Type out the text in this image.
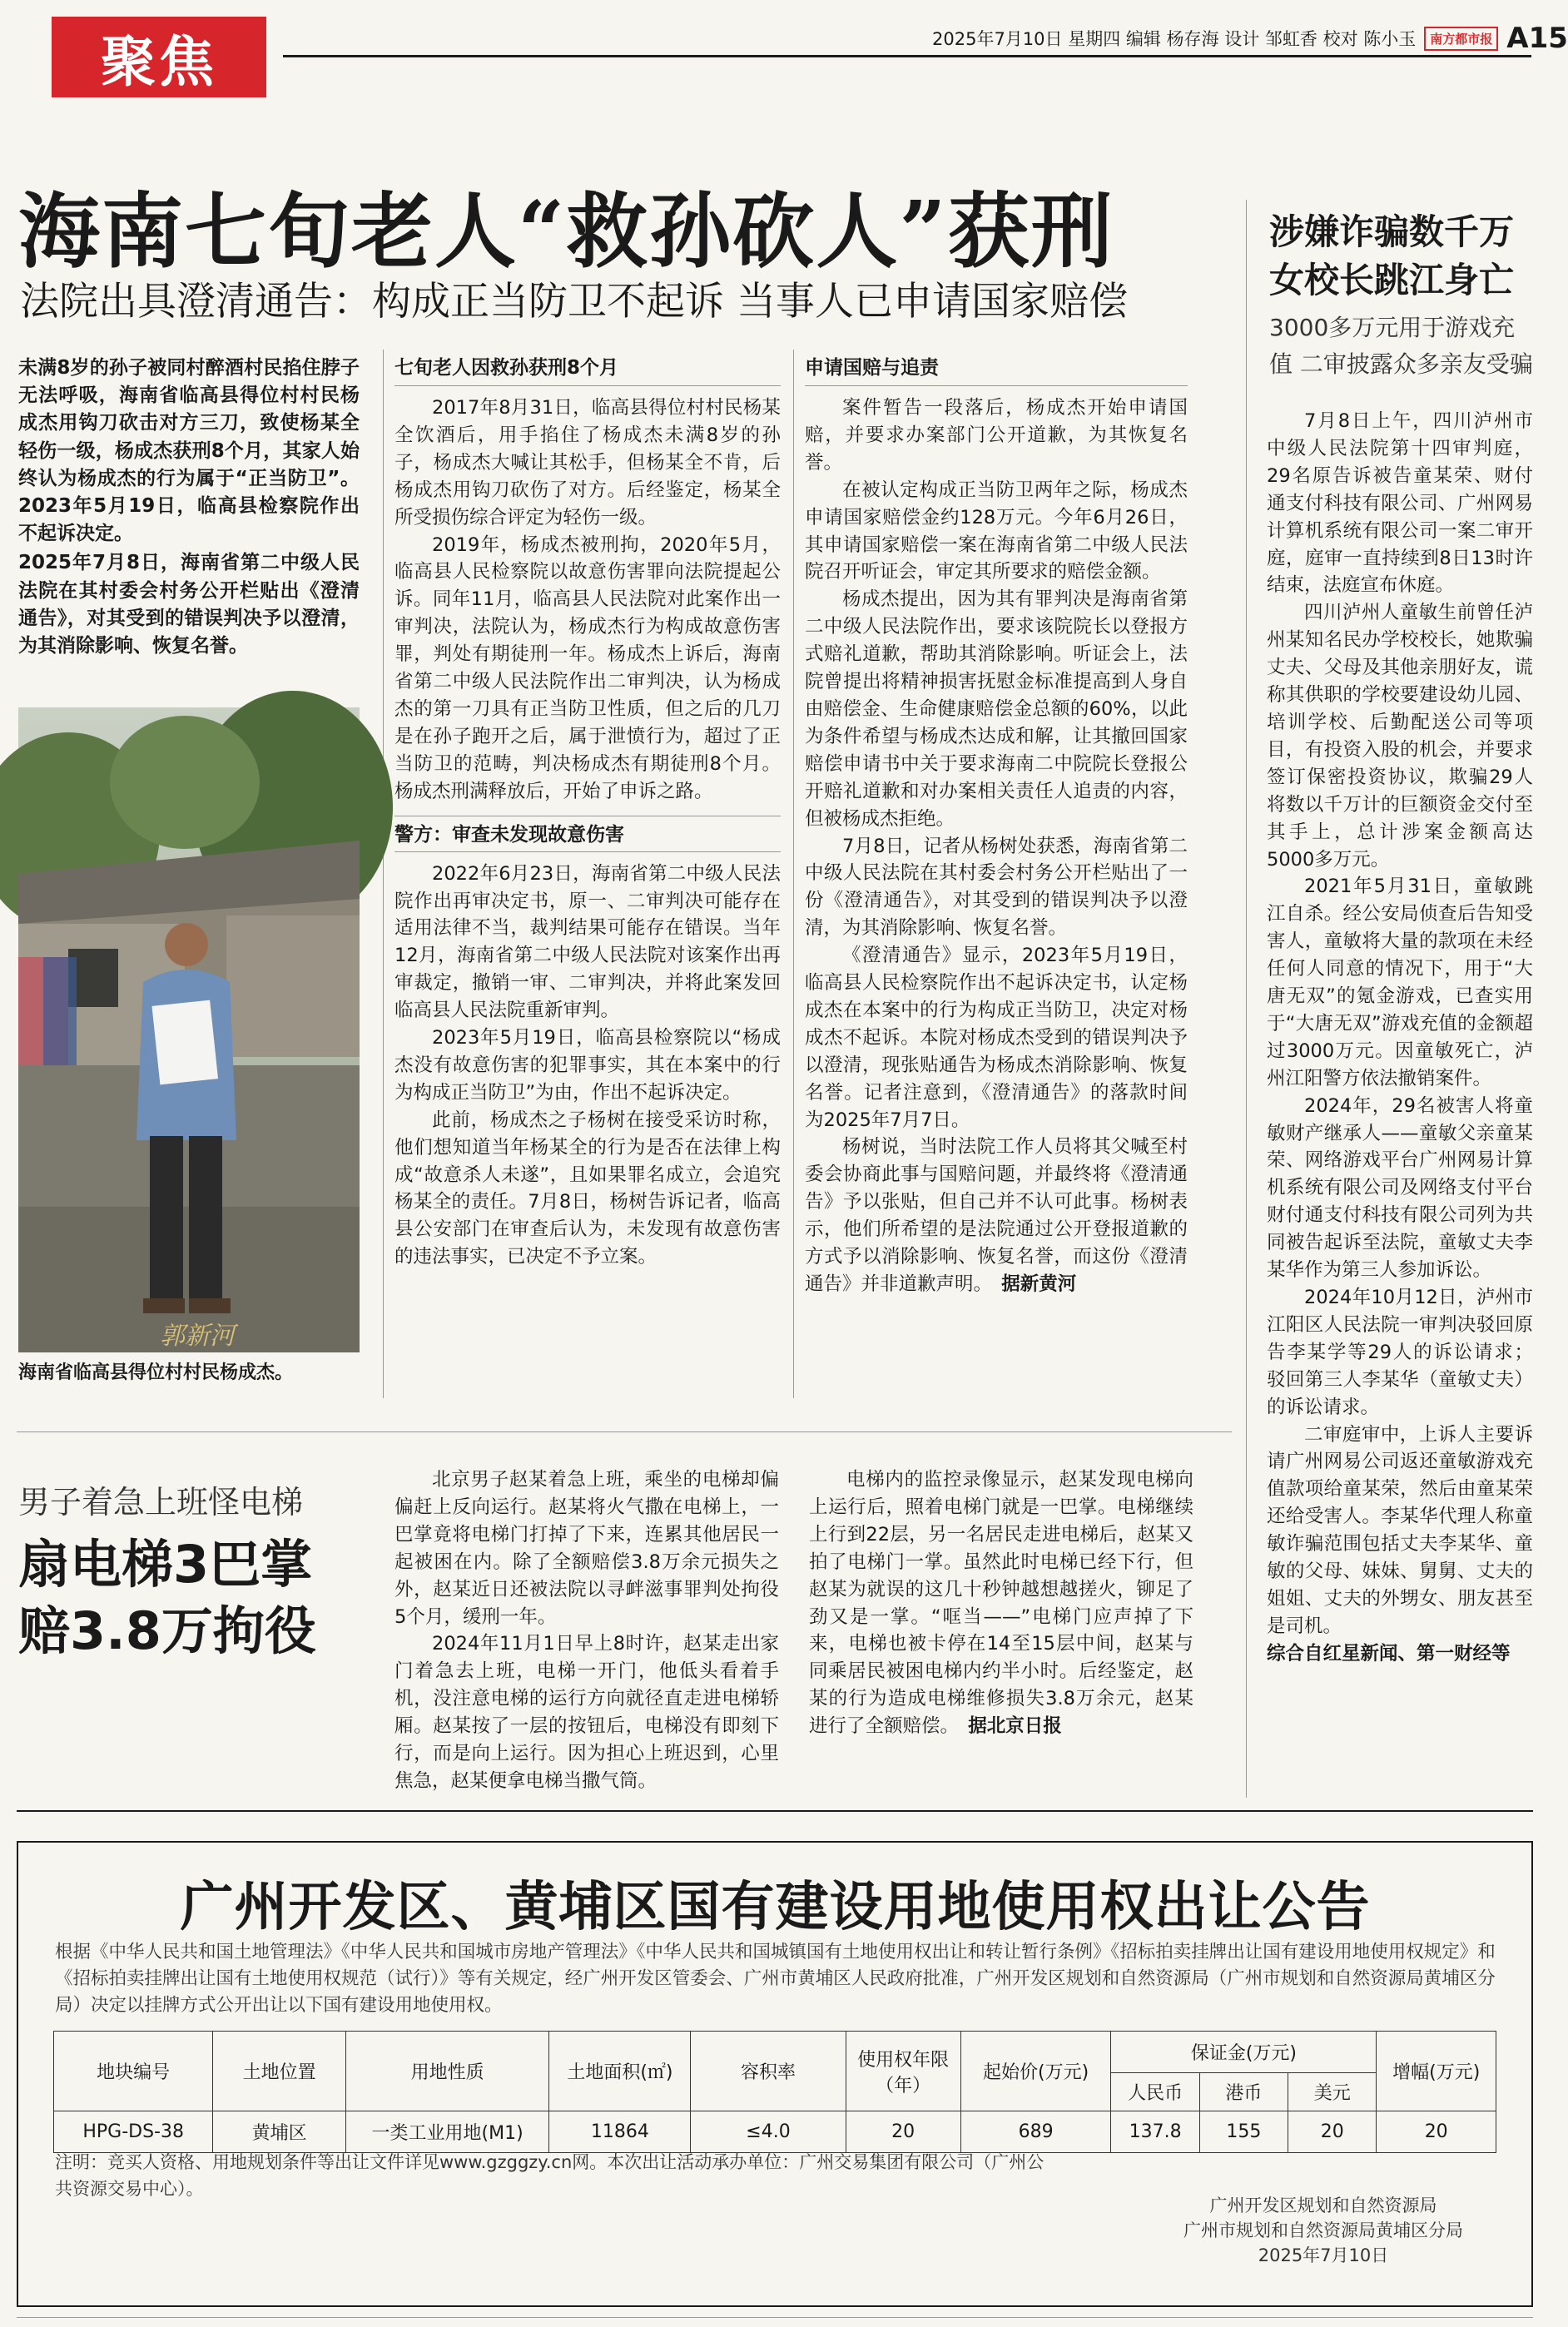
聚焦	2025年7月10日 星期四 编辑 杨存海 设计 邹虹香 校对 陈小玉	南方都市报 A15
海南七旬老人“救孙砍人”获刑
法院出具澄清通告：构成正当防卫不起诉 当事人已申请国家赔偿
涉嫌诈骗数千万 女校长跳江身亡
3000多万元用于游戏充值 二审披露众多亲友受骗

未满8岁的孙子被同村醉酒村民掐住脖子无法呼吸，海南省临高县得位村村民杨成杰用钩刀砍击对方三刀，致使杨某全轻伤一级，杨成杰获刑8个月，其家人始终认为杨成杰的行为属于“正当防卫”。2023年5月19日，临高县检察院作出不起诉决定。

2025年7月8日，海南省第二中级人民法院在其村委会村务公开栏贴出《澄清通告》，对其受到的错误判决予以澄清，为其消除影响、恢复名誉。

郭新河
海南省临高县得位村村民杨成杰。
七旬老人因救孙获刑8个月

2017年8月31日，临高县得位村村民杨某全饮酒后，用手掐住了杨成杰未满8岁的孙子，杨成杰大喊让其松手，但杨某全不肯，后杨成杰用钩刀砍伤了对方。后经鉴定，杨某全所受损伤综合评定为轻伤一级。

2019年，杨成杰被刑拘，2020年5月，临高县人民检察院以故意伤害罪向法院提起公诉。同年11月，临高县人民法院对此案作出一审判决，法院认为，杨成杰行为构成故意伤害罪，判处有期徒刑一年。杨成杰上诉后，海南省第二中级人民法院作出二审判决，认为杨成杰的第一刀具有正当防卫性质，但之后的几刀是在孙子跑开之后，属于泄愤行为，超过了正当防卫的范畴，判决杨成杰有期徒刑8个月。杨成杰刑满释放后，开始了申诉之路。

警方：审查未发现故意伤害

2022年6月23日，海南省第二中级人民法院作出再审决定书，原一、二审判决可能存在适用法律不当，裁判结果可能存在错误。当年12月，海南省第二中级人民法院对该案作出再审裁定，撤销一审、二审判决，并将此案发回临高县人民法院重新审判。

2023年5月19日，临高县检察院以“杨成杰没有故意伤害的犯罪事实，其在本案中的行为构成正当防卫”为由，作出不起诉决定。

此前，杨成杰之子杨树在接受采访时称，他们想知道当年杨某全的行为是否在法律上构成“故意杀人未遂”，且如果罪名成立，会追究杨某全的责任。7月8日，杨树告诉记者，临高县公安部门在审查后认为，未发现有故意伤害的违法事实，已决定不予立案。

申请国赔与追责

案件暂告一段落后，杨成杰开始申请国赔，并要求办案部门公开道歉，为其恢复名誉。

在被认定构成正当防卫两年之际，杨成杰申请国家赔偿金约128万元。今年6月26日，其申请国家赔偿一案在海南省第二中级人民法院召开听证会，审定其所要求的赔偿金额。

杨成杰提出，因为其有罪判决是海南省第二中级人民法院作出，要求该院院长以登报方式赔礼道歉，帮助其消除影响。听证会上，法院曾提出将精神损害抚慰金标准提高到人身自由赔偿金、生命健康赔偿金总额的60%，以此为条件希望与杨成杰达成和解，让其撤回国家赔偿申请书中关于要求海南二中院院长登报公开赔礼道歉和对办案相关责任人追责的内容，但被杨成杰拒绝。

7月8日，记者从杨树处获悉，海南省第二中级人民法院在其村委会村务公开栏贴出了一份《澄清通告》，对其受到的错误判决予以澄清，为其消除影响、恢复名誉。

《澄清通告》显示，2023年5月19日，临高县人民检察院作出不起诉决定书，认定杨成杰在本案中的行为构成正当防卫，决定对杨成杰不起诉。本院对杨成杰受到的错误判决予以澄清，现张贴通告为杨成杰消除影响、恢复名誉。记者注意到，《澄清通告》的落款时间为2025年7月7日。

杨树说，当时法院工作人员将其父喊至村委会协商此事与国赔问题，并最终将《澄清通告》予以张贴，但自己并不认可此事。杨树表示，他们所希望的是法院通过公开登报道歉的方式予以消除影响、恢复名誉，而这份《澄清通告》并非道歉声明。　 据新黄河

7月8日上午，四川泸州市中级人民法院第十四审判庭，29名原告诉被告童某荣、财付通支付科技有限公司、广州网易计算机系统有限公司一案二审开庭，庭审一直持续到8日13时许结束，法庭宣布休庭。

四川泸州人童敏生前曾任泸州某知名民办学校校长，她欺骗丈夫、父母及其他亲朋好友，谎称其供职的学校要建设幼儿园、培训学校、后勤配送公司等项目，有投资入股的机会，并要求签订保密投资协议，欺骗29人将数以千万计的巨额资金交付至其手上，总计涉案金额高达5000多万元。

2021年5月31日，童敏跳江自杀。经公安局侦查后告知受害人，童敏将大量的款项在未经任何人同意的情况下，用于“大唐无双”的氪金游戏，已查实用于“大唐无双”游戏充值的金额超过3000万元。因童敏死亡，泸州江阳警方依法撤销案件。

2024年，29名被害人将童敏财产继承人——童敏父亲童某荣、网络游戏平台广州网易计算机系统有限公司及网络支付平台财付通支付科技有限公司列为共同被告起诉至法院，童敏丈夫李某华作为第三人参加诉讼。

2024年10月12日，泸州市江阳区人民法院一审判决驳回原告李某学等29人的诉讼请求；驳回第三人李某华（童敏丈夫）的诉讼请求。

二审庭审中，上诉人主要诉请广州网易公司返还童敏游戏充值款项给童某荣，然后由童某荣还给受害人。李某华代理人称童敏诈骗范围包括丈夫李某华、童敏的父母、妹妹、舅舅、丈夫的姐姐、丈夫的外甥女、朋友甚至是司机。

综合自红星新闻、第一财经等

男子着急上班怪电梯
扇电梯3巴掌 赔3.8万拘役

北京男子赵某着急上班，乘坐的电梯却偏偏赶上反向运行。赵某将火气撒在电梯上，一巴掌竟将电梯门打掉了下来，连累其他居民一起被困在内。除了全额赔偿3.8万余元损失之外，赵某近日还被法院以寻衅滋事罪判处拘役5个月，缓刑一年。

2024年11月1日早上8时许，赵某走出家门着急去上班，电梯一开门，他低头看着手机，没注意电梯的运行方向就径直走进电梯轿厢。赵某按了一层的按钮后，电梯没有即刻下行，而是向上运行。因为担心上班迟到，心里焦急，赵某便拿电梯当撒气筒。

电梯内的监控录像显示，赵某发现电梯向上运行后，照着电梯门就是一巴掌。电梯继续上行到22层，另一名居民走进电梯后，赵某又拍了电梯门一掌。虽然此时电梯已经下行，但赵某为就误的这几十秒钟越想越搓火，铆足了劲又是一掌。“哐当——”电梯门应声掉了下来，电梯也被卡停在14至15层中间，赵某与同乘居民被困电梯内约半小时。后经鉴定，赵某的行为造成电梯维修损失3.8万余元，赵某进行了全额赔偿。　 据北京日报

广州开发区、黄埔区国有建设用地使用权出让公告
根据《中华人民共和国土地管理法》《中华人民共和国城市房地产管理法》《中华人民共和国城镇国有土地使用权出让和转让暂行条例》《招标拍卖挂牌出让国有建设用地使用权规定》和《招标拍卖挂牌出让国有土地使用权规范（试行）》等有关规定，经广州开发区管委会、广州市黄埔区人民政府批准，广州开发区规划和自然资源局（广州市规划和自然资源局黄埔区分局）决定以挂牌方式公开出让以下国有建设用地使用权。
地块编号	土地位置	用地性质	土地面积(㎡)	容积率	使用权年限（年）	起始价(万元)	保证金(万元)			增幅(万元)
							人民币	港币	美元	
HPG-DS-38	黄埔区	一类工业用地(M1)	11864	≤4.0	20	689	137.8	155	20	20
注明：竞买人资格、用地规划条件等出让文件详见www.gzggzy.cn网。本次出让活动承办单位：广州交易集团有限公司（广州公共资源交易中心）。
广州开发区规划和自然资源局
广州市规划和自然资源局黄埔区分局
2025年7月10日
